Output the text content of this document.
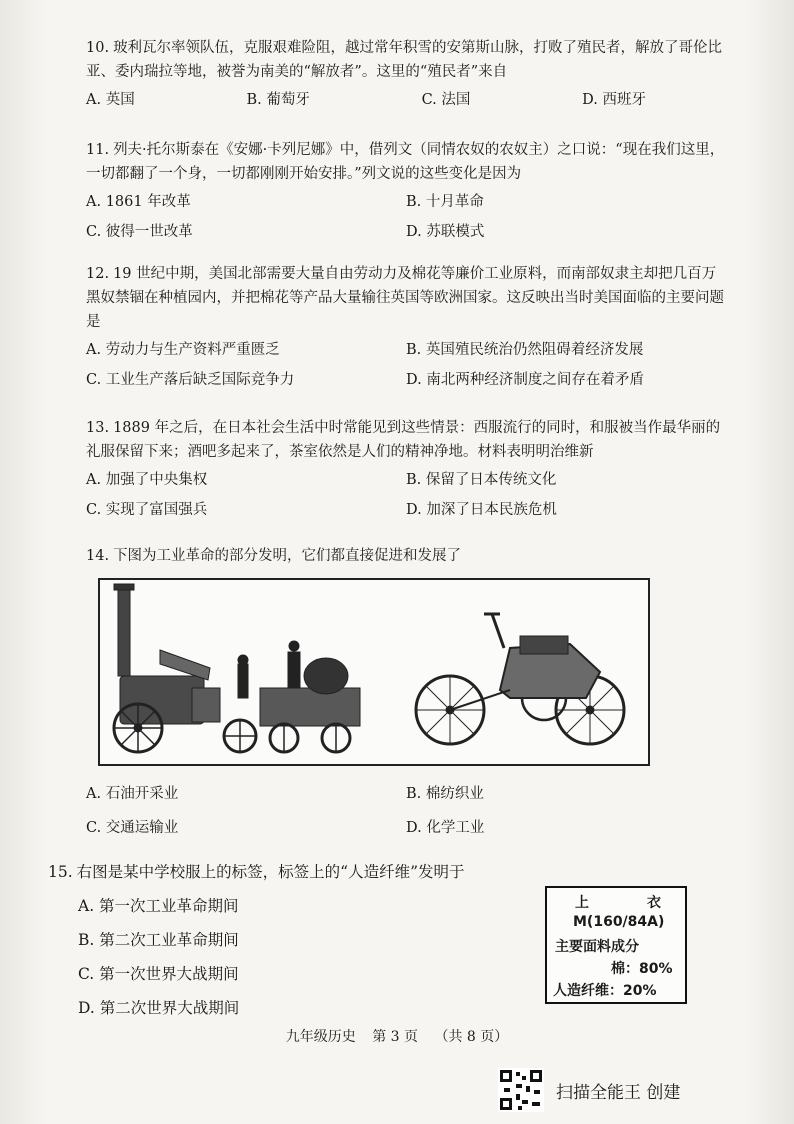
10. 玻利瓦尔率领队伍，克服艰难险阻，越过常年积雪的安第斯山脉，打败了殖民者，解放了哥伦比亚、委内瑞拉等地，被誉为南美的“解放者”。这里的“殖民者”来自
A. 英国	B. 葡萄牙	C. 法国	D. 西班牙
11. 列夫·托尔斯泰在《安娜·卡列尼娜》中，借列文（同情农奴的农奴主）之口说：“现在我们这里，一切都翻了一个身，一切都刚刚开始安排。”列文说的这些变化是因为
A. 1861 年改革	B. 十月革命
C. 彼得一世改革	D. 苏联模式
12. 19 世纪中期，美国北部需要大量自由劳动力及棉花等廉价工业原料，而南部奴隶主却把几百万黑奴禁锢在种植园内，并把棉花等产品大量输往英国等欧洲国家。这反映出当时美国面临的主要问题是
A. 劳动力与生产资料严重匮乏	B. 英国殖民统治仍然阻碍着经济发展
C. 工业生产落后缺乏国际竞争力	D. 南北两种经济制度之间存在着矛盾
13. 1889 年之后，在日本社会生活中时常能见到这些情景：西服流行的同时，和服被当作最华丽的礼服保留下来；酒吧多起来了，茶室依然是人们的精神净地。材料表明明治维新
A. 加强了中央集权	B. 保留了日本传统文化
C. 实现了富国强兵	D. 加深了日本民族危机
14. 下图为工业革命的部分发明，它们都直接促进和发展了
A. 石油开采业	B. 棉纺织业
C. 交通运输业	D. 化学工业
15. 右图是某中学校服上的标签，标签上的“人造纤维”发明于
A. 第一次工业革命期间
B. 第二次工业革命期间
C. 第一次世界大战期间
D. 第二次世界大战期间
上	衣
M(160/84A)
主要面料成分
棉：80%
人造纤维：20%
九年级历史 第 3 页 （共 8 页）
扫描全能王 创建
